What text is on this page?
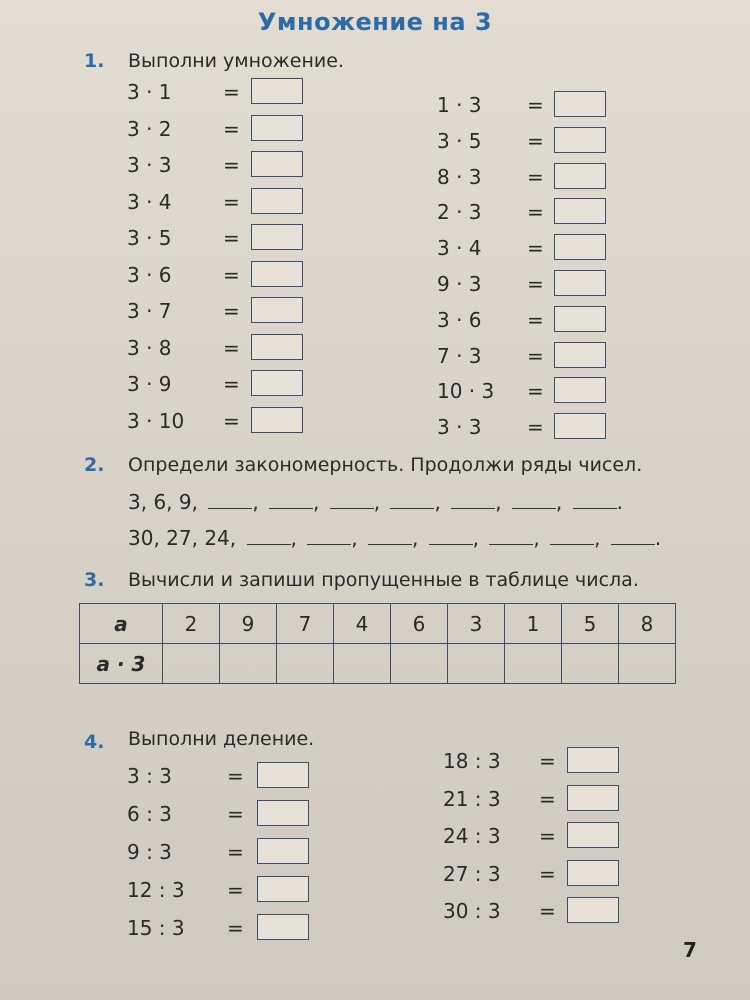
Умножение на 3
1. Выполни умножение.
3 · 1	=
3 · 2	=
3 · 3	=
3 · 4	=
3 · 5	=
3 · 6	=
3 · 7	=
3 · 8	=
3 · 9	=
3 · 10 =
1 · 3 =
3 · 5 =
8 · 3 =
2 · 3 =
3 · 4 =
9 · 3 =
3 · 6 =
7 · 3 =
10 · 3 =
3 · 3 =
2. Определи закономерность. Продолжи ряды чисел.
3, 6, 9,	, , , , , , .
30, 27, 24,	, , , , , , .
3. Вычисли и запиши пропущенные в таблице числа.
a	2	9	7	4	6	3	1	5	8
a · 3									
4. Выполни деление.
3 : 3	=
6 : 3	=
9 : 3	=
12 : 3 =
15 : 3 =
18 : 3 =
21 : 3 =
24 : 3 =
27 : 3 =
30 : 3 =
7
